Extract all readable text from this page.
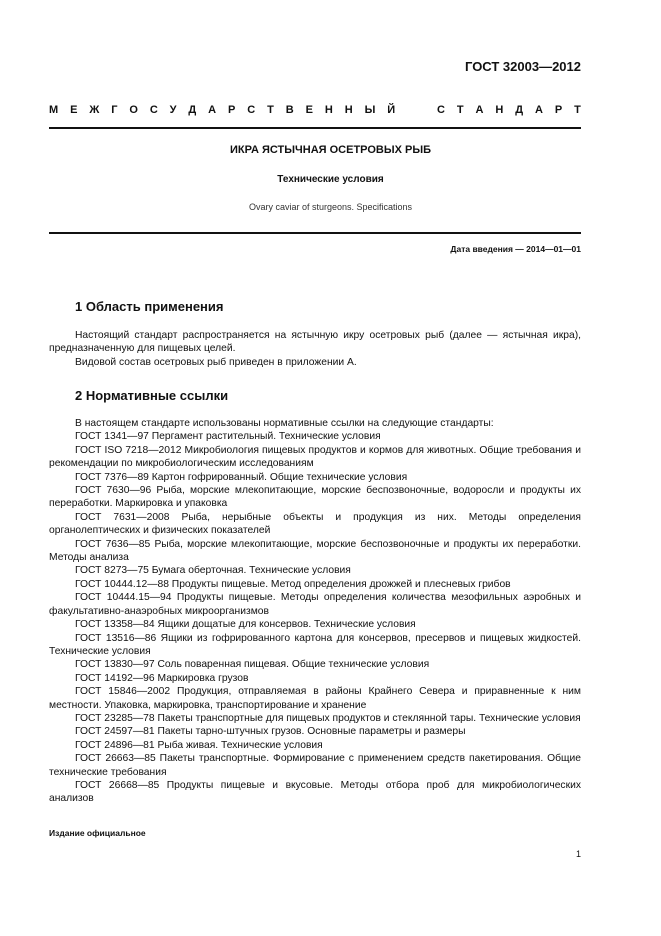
ГОСТ 32003—2012
М Е Ж Г О С У Д А Р С Т В Е Н Н Ы Й	С Т А Н Д А Р Т
ИКРА ЯСТЫЧНАЯ ОСЕТРОВЫХ РЫБ
Технические условия
Ovary caviar of sturgeons. Specifications
Дата введения — 2014—01—01
1 Область применения

Настоящий стандарт распространяется на ястычную икру осетровых рыб (далее — ястычная икра), предназначенную для пищевых целей.

Видовой состав осетровых рыб приведен в приложении А.

2 Нормативные ссылки

В настоящем стандарте использованы нормативные ссылки на следующие стандарты:

ГОСТ 1341—97 Пергамент растительный. Технические условия

ГОСТ ISO 7218—2012 Микробиология пищевых продуктов и кормов для животных. Общие требования и рекомендации по микробиологическим исследованиям

ГОСТ 7376—89 Картон гофрированный. Общие технические условия

ГОСТ 7630—96 Рыба, морские млекопитающие, морские беспозвоночные, водоросли и продукты их переработки. Маркировка и упаковка

ГОСТ 7631—2008 Рыба, нерыбные объекты и продукция из них. Методы определения органолептических и физических показателей

ГОСТ 7636—85 Рыба, морские млекопитающие, морские беспозвоночные и продукты их переработки. Методы анализа

ГОСТ 8273—75 Бумага оберточная. Технические условия

ГОСТ 10444.12—88 Продукты пищевые. Метод определения дрожжей и плесневых грибов

ГОСТ 10444.15—94 Продукты пищевые. Методы определения количества мезофильных аэробных и факультативно-анаэробных микроорганизмов

ГОСТ 13358—84 Ящики дощатые для консервов. Технические условия

ГОСТ 13516—86 Ящики из гофрированного картона для консервов, пресервов и пищевых жидкостей. Технические условия

ГОСТ 13830—97 Соль поваренная пищевая. Общие технические условия

ГОСТ 14192—96 Маркировка грузов

ГОСТ 15846—2002 Продукция, отправляемая в районы Крайнего Севера и приравненные к ним местности. Упаковка, маркировка, транспортирование и хранение

ГОСТ 23285—78 Пакеты транспортные для пищевых продуктов и стеклянной тары. Технические условия

ГОСТ 24597—81 Пакеты тарно-штучных грузов. Основные параметры и размеры

ГОСТ 24896—81 Рыба живая. Технические условия

ГОСТ 26663—85 Пакеты транспортные. Формирование с применением средств пакетирования. Общие технические требования

ГОСТ 26668—85 Продукты пищевые и вкусовые. Методы отбора проб для микробиологических анализов

Издание официальное
1
